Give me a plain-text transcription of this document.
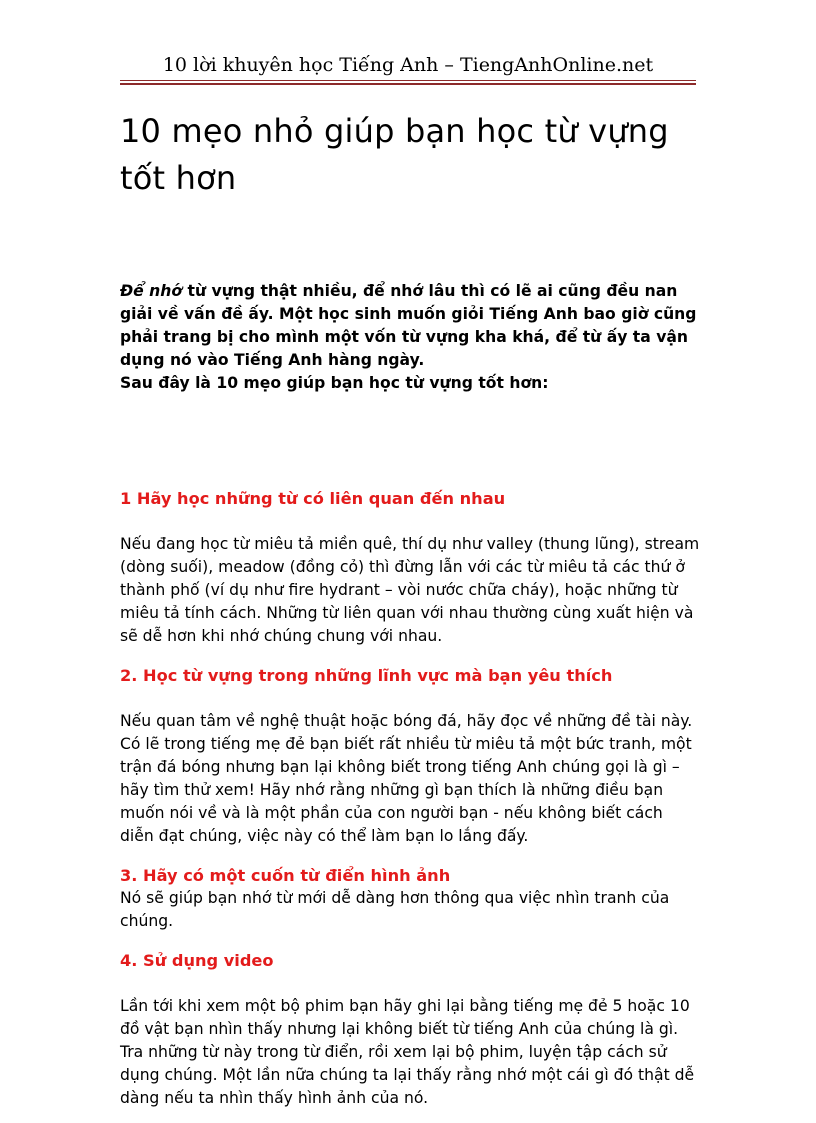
10 lời khuyên học Tiếng Anh – TiengAnhOnline.net
10 mẹo nhỏ giúp bạn học từ vựng
tốt hơn

Để nhớ từ vựng thật nhiều, để nhớ lâu thì có lẽ ai cũng đều nan giải về vấn đề ấy. Một học sinh muốn giỏi Tiếng Anh bao giờ cũng phải trang bị cho mình một vốn từ vựng kha khá, để từ ấy ta vận dụng nó vào Tiếng Anh hàng ngày.

Sau đây là 10 mẹo giúp bạn học từ vựng tốt hơn:

1 Hãy học những từ có liên quan đến nhau

Nếu đang học từ miêu tả miền quê, thí dụ như valley (thung lũng), stream (dòng suối), meadow (đồng cỏ) thì đừng lẫn với các từ miêu tả các thứ ở thành phố (ví dụ như fire hydrant – vòi nước chữa cháy), hoặc những từ miêu tả tính cách. Những từ liên quan với nhau thường cùng xuất hiện và sẽ dễ hơn khi nhớ chúng chung với nhau.

2. Học từ vựng trong những lĩnh vực mà bạn yêu thích

Nếu quan tâm về nghệ thuật hoặc bóng đá, hãy đọc về những đề tài này. Có lẽ trong tiếng mẹ đẻ bạn biết rất nhiều từ miêu tả một bức tranh, một trận đá bóng nhưng bạn lại không biết trong tiếng Anh chúng gọi là gì – hãy tìm thử xem! Hãy nhớ rằng những gì bạn thích là những điều bạn muốn nói về và là một phần của con người bạn - nếu không biết cách diễn đạt chúng, việc này có thể làm bạn lo lắng đấy.

3. Hãy có một cuốn từ điển hình ảnh

Nó sẽ giúp bạn nhớ từ mới dễ dàng hơn thông qua việc nhìn tranh của chúng.

4. Sử dụng video

Lần tới khi xem một bộ phim bạn hãy ghi lại bằng tiếng mẹ đẻ 5 hoặc 10 đồ vật bạn nhìn thấy nhưng lại không biết từ tiếng Anh của chúng là gì. Tra những từ này trong từ điển, rồi xem lại bộ phim, luyện tập cách sử dụng chúng. Một lần nữa chúng ta lại thấy rằng nhớ một cái gì đó thật dễ dàng nếu ta nhìn thấy hình ảnh của nó.
